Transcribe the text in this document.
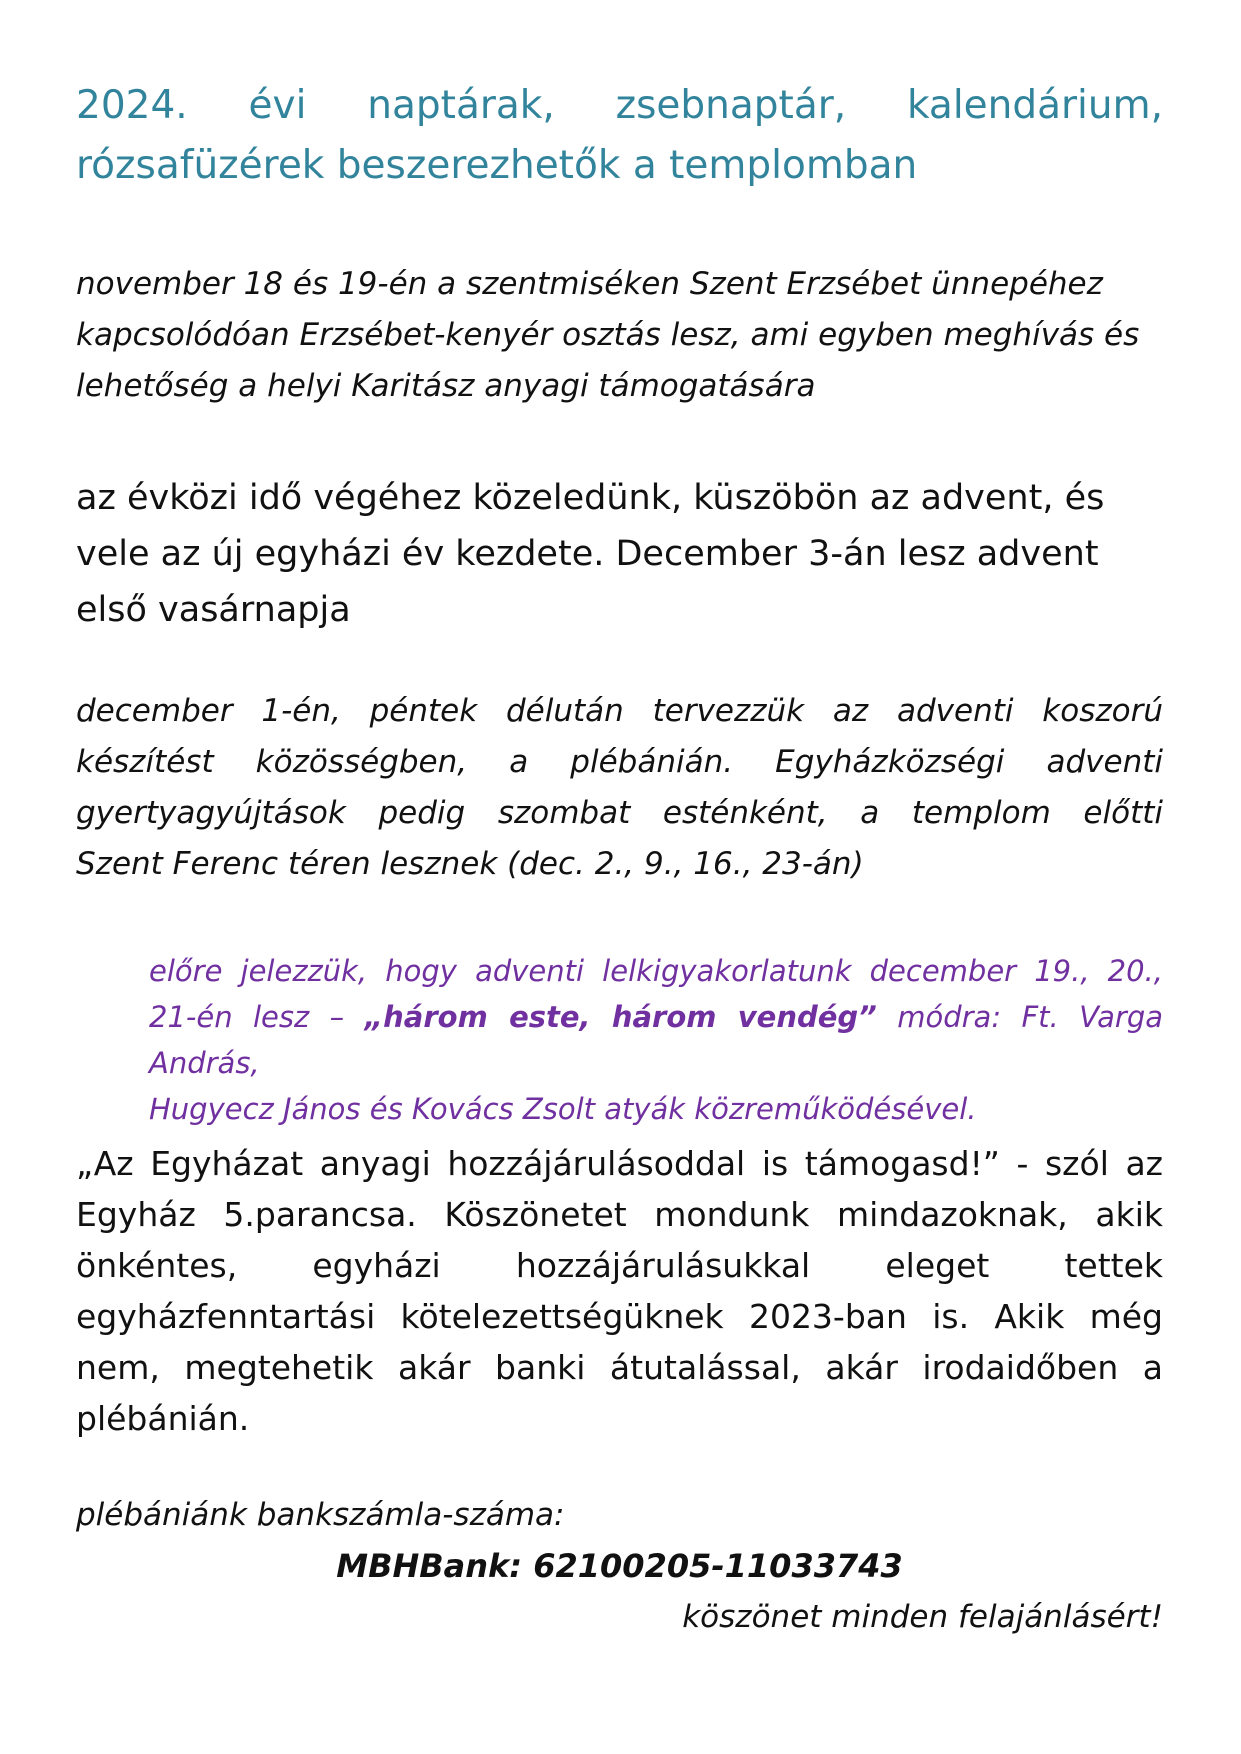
2024. évi naptárak, zsebnaptár, kalendárium,
rózsafüzérek beszerezhetők a templomban
november 18 és 19-én a szentmiséken Szent Erzsébet ünnepéhez kapcsolódóan Erzsébet-kenyér osztás lesz, ami egyben meghívás és lehetőség a helyi Karitász anyagi támogatására
az évközi idő végéhez közeledünk, küszöbön az advent, és vele az új egyházi év kezdete. December 3-án lesz advent első vasárnapja
december 1-én, péntek délután tervezzük az adventi koszorú
készítést közösségben, a plébánián. Egyházközségi adventi
gyertyagyújtások pedig szombat esténként, a templom előtti
Szent Ferenc téren lesznek (dec. 2., 9., 16., 23-án)
előre jelezzük, hogy adventi lelkigyakorlatunk december 19., 20.,
21-én lesz – „három este, három vendég” módra: Ft. Varga András,
Hugyecz János és Kovács Zsolt atyák közreműködésével.
„Az Egyházat anyagi hozzájárulásoddal is támogasd!” - szól az
Egyház 5.parancsa. Köszönetet mondunk mindazoknak, akik
önkéntes, egyházi hozzájárulásukkal eleget tettek
egyházfenntartási kötelezettségüknek 2023-ban is. Akik még
nem, megtehetik akár banki átutalással, akár irodaidőben a
plébánián.
plébániánk bankszámla-száma:
MBHBank: 62100205-11033743
köszönet minden felajánlásért!
